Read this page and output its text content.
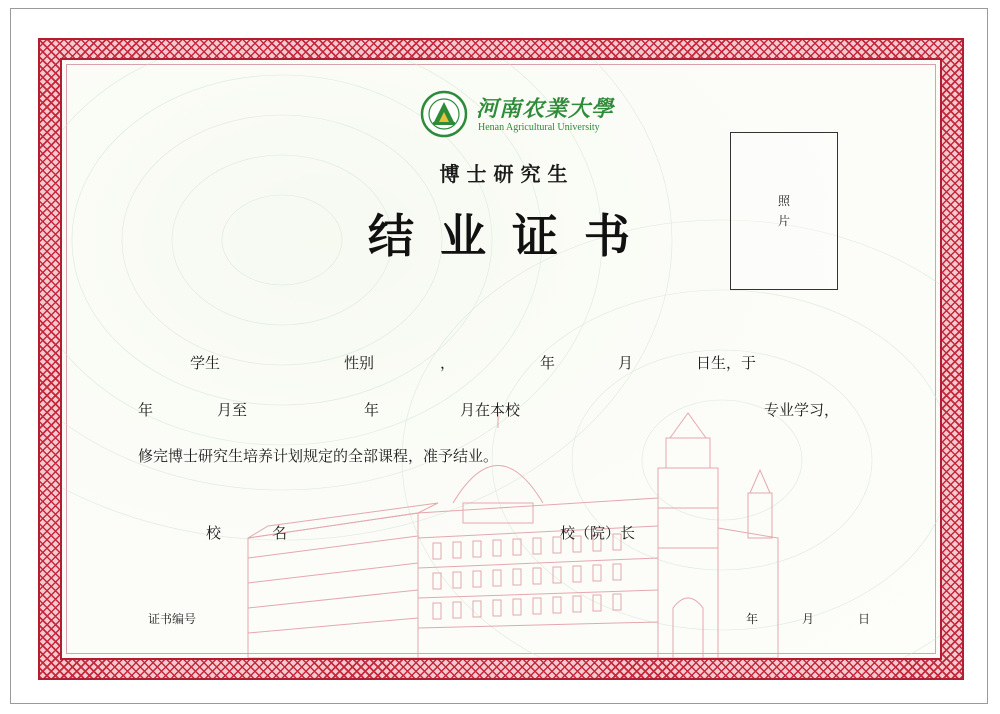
河南农業大學
Henan Agricultural University
博士研究生
结业证书
照
片
学生	性别	，	年	月	日生，于
年	月至	年	月在本校	专业学习，
修完博士研究生培养计划规定的全部课程，准予结业。
校	名	校（院）长
证书编号	年	月	日
